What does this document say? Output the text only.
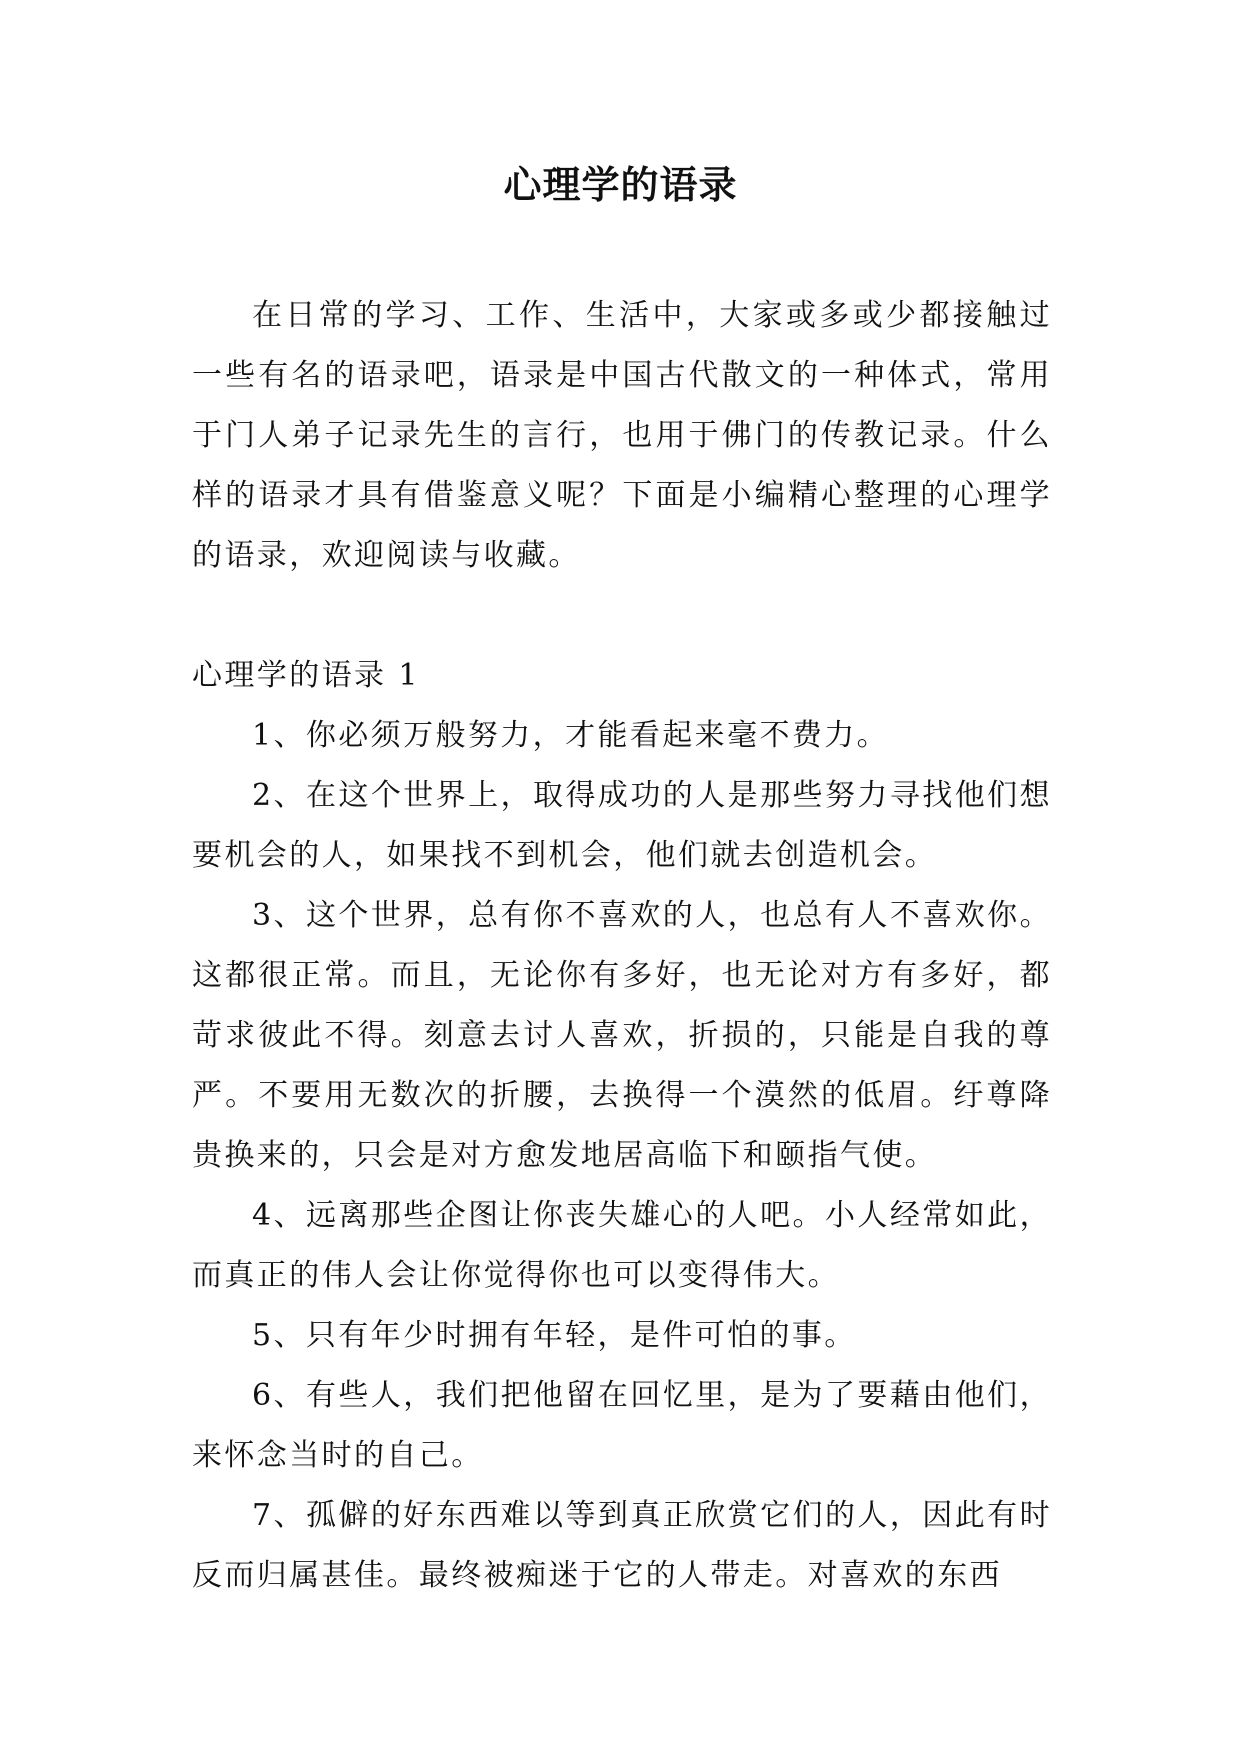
心理学的语录

在日常的学习、工作、生活中，大家或多或少都接触过一些有名的语录吧，语录是中国古代散文的一种体式，常用于门人弟子记录先生的言行，也用于佛门的传教记录。什么样的语录才具有借鉴意义呢？下面是小编精心整理的心理学的语录，欢迎阅读与收藏。

心理学的语录 1

1、你必须万般努力，才能看起来毫不费力。

2、在这个世界上，取得成功的人是那些努力寻找他们想要机会的人，如果找不到机会，他们就去创造机会。

3、这个世界，总有你不喜欢的人，也总有人不喜欢你。这都很正常。而且，无论你有多好，也无论对方有多好，都苛求彼此不得。刻意去讨人喜欢，折损的，只能是自我的尊严。不要用无数次的折腰，去换得一个漠然的低眉。纡尊降贵换来的，只会是对方愈发地居高临下和颐指气使。

4、远离那些企图让你丧失雄心的人吧。小人经常如此，而真正的伟人会让你觉得你也可以变得伟大。

5、只有年少时拥有年轻，是件可怕的事。

6、有些人，我们把他留在回忆里，是为了要藉由他们，来怀念当时的自己。

7、孤僻的好东西难以等到真正欣赏它们的人，因此有时反而归属甚佳。最终被痴迷于它的人带走。对喜欢的东西
